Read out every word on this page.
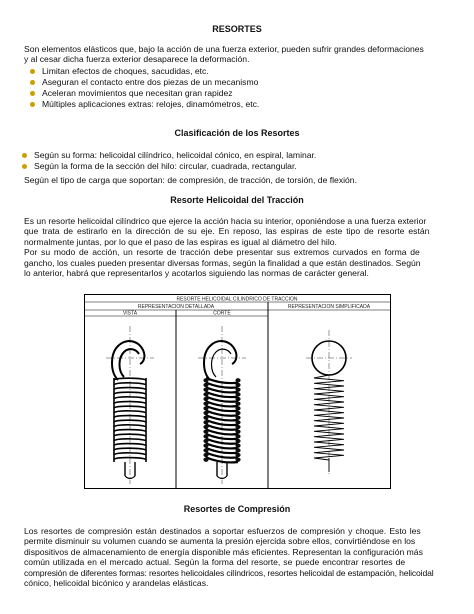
RESORTES
Son elementos elásticos que, bajo la acción de una fuerza exterior, pueden sufrir grandes deformaciones
y al cesar dicha fuerza exterior desaparece la deformación.
Limitan efectos de choques, sacudidas, etc.
Aseguran el contacto entre dos piezas de un mecanismo
Aceleran movimientos que necesitan gran rapidez
Múltiples aplicaciones extras: relojes, dinamómetros, etc.
Clasificación de los Resortes
Según su forma: helicoidal cilíndrico, helicoidal cónico, en espiral, laminar.
Según la forma de la sección del hilo: circular, cuadrada, rectangular.
Según el tipo de carga que soportan: de compresión, de tracción, de torsión, de flexión.
Resorte Helicoidal del Tracción
Es un resorte helicoidal cilíndrico que ejerce la acción hacia su interior, oponiéndose a una fuerza exterior
que trata de estirarlo en la dirección de su eje. En reposo, las espiras de este tipo de resorte están
normalmente juntas, por lo que el paso de las espiras es igual al diámetro del hilo.
Por su modo de acción, un resorte de tracción debe presentar sus extremos curvados en forma de
gancho, los cuales pueden presentar diversas formas, según la finalidad a que están destinados. Según
lo anterior, habrá que representarlos y acotarlos siguiendo las normas de carácter general.
RESORTE HELICOIDAL CILINDRICO DE TRACCION
REPRESENTACION DETALLADA	REPRESENTACION SIMPLIFICADA
VISTA	CORTE
Resortes de Compresión
Los resortes de compresión están destinados a soportar esfuerzos de compresión y choque. Esto les
permite disminuir su volumen cuando se aumenta la presión ejercida sobre ellos, convirtiéndose en los
dispositivos de almacenamiento de energía disponible más eficientes. Representan la configuración más
común utilizada en el mercado actual. Según la forma del resorte, se puede encontrar resortes de
compresión de diferentes formas: resortes helicoidales cilíndricos, resortes helicoidal de estampación, helicoidal
cónico, helicoidal bicónico y arandelas elásticas.
